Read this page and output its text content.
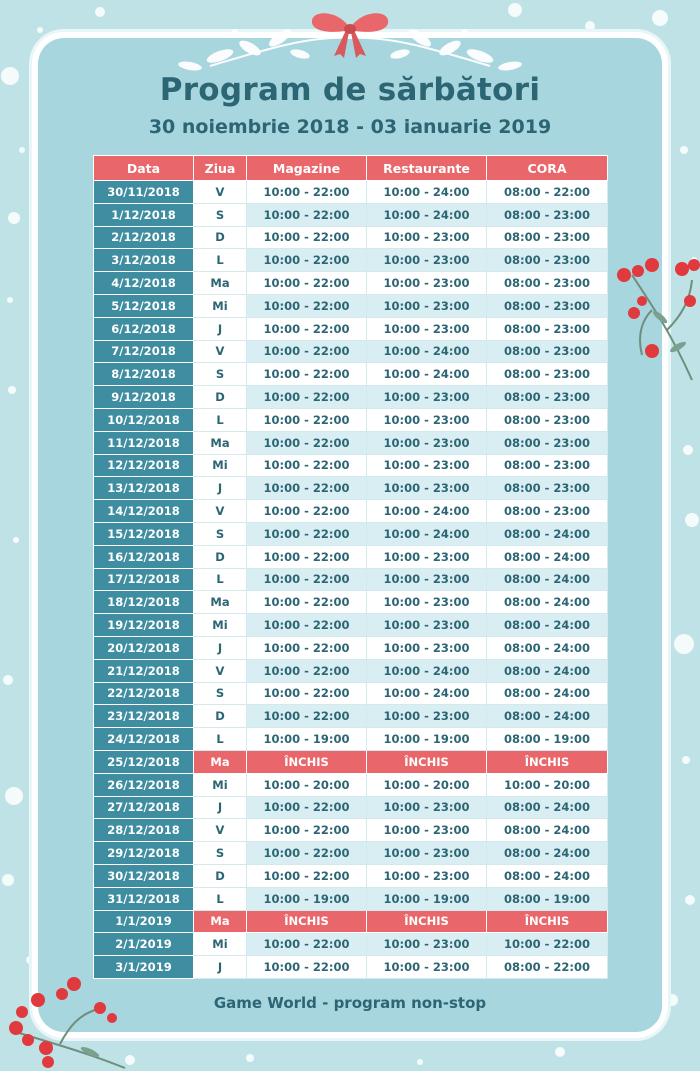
Program de sărbători
30 noiembrie 2018 - 03 ianuarie 2019
Data	Ziua	Magazine	Restaurante	CORA
30/11/2018	V	10:00 - 22:00	10:00 - 24:00	08:00 - 22:00
1/12/2018	S	10:00 - 22:00	10:00 - 24:00	08:00 - 23:00
2/12/2018	D	10:00 - 22:00	10:00 - 23:00	08:00 - 23:00
3/12/2018	L	10:00 - 22:00	10:00 - 23:00	08:00 - 23:00
4/12/2018	Ma	10:00 - 22:00	10:00 - 23:00	08:00 - 23:00
5/12/2018	Mi	10:00 - 22:00	10:00 - 23:00	08:00 - 23:00
6/12/2018	J	10:00 - 22:00	10:00 - 23:00	08:00 - 23:00
7/12/2018	V	10:00 - 22:00	10:00 - 24:00	08:00 - 23:00
8/12/2018	S	10:00 - 22:00	10:00 - 24:00	08:00 - 23:00
9/12/2018	D	10:00 - 22:00	10:00 - 23:00	08:00 - 23:00
10/12/2018	L	10:00 - 22:00	10:00 - 23:00	08:00 - 23:00
11/12/2018	Ma	10:00 - 22:00	10:00 - 23:00	08:00 - 23:00
12/12/2018	Mi	10:00 - 22:00	10:00 - 23:00	08:00 - 23:00
13/12/2018	J	10:00 - 22:00	10:00 - 23:00	08:00 - 23:00
14/12/2018	V	10:00 - 22:00	10:00 - 24:00	08:00 - 23:00
15/12/2018	S	10:00 - 22:00	10:00 - 24:00	08:00 - 24:00
16/12/2018	D	10:00 - 22:00	10:00 - 23:00	08:00 - 24:00
17/12/2018	L	10:00 - 22:00	10:00 - 23:00	08:00 - 24:00
18/12/2018	Ma	10:00 - 22:00	10:00 - 23:00	08:00 - 24:00
19/12/2018	Mi	10:00 - 22:00	10:00 - 23:00	08:00 - 24:00
20/12/2018	J	10:00 - 22:00	10:00 - 23:00	08:00 - 24:00
21/12/2018	V	10:00 - 22:00	10:00 - 24:00	08:00 - 24:00
22/12/2018	S	10:00 - 22:00	10:00 - 24:00	08:00 - 24:00
23/12/2018	D	10:00 - 22:00	10:00 - 23:00	08:00 - 24:00
24/12/2018	L	10:00 - 19:00	10:00 - 19:00	08:00 - 19:00
25/12/2018	Ma	ÎNCHIS	ÎNCHIS	ÎNCHIS
26/12/2018	Mi	10:00 - 20:00	10:00 - 20:00	10:00 - 20:00
27/12/2018	J	10:00 - 22:00	10:00 - 23:00	08:00 - 24:00
28/12/2018	V	10:00 - 22:00	10:00 - 23:00	08:00 - 24:00
29/12/2018	S	10:00 - 22:00	10:00 - 23:00	08:00 - 24:00
30/12/2018	D	10:00 - 22:00	10:00 - 23:00	08:00 - 24:00
31/12/2018	L	10:00 - 19:00	10:00 - 19:00	08:00 - 19:00
1/1/2019	Ma	ÎNCHIS	ÎNCHIS	ÎNCHIS
2/1/2019	Mi	10:00 - 22:00	10:00 - 23:00	10:00 - 22:00
3/1/2019	J	10:00 - 22:00	10:00 - 23:00	08:00 - 22:00
Game World - program non-stop
